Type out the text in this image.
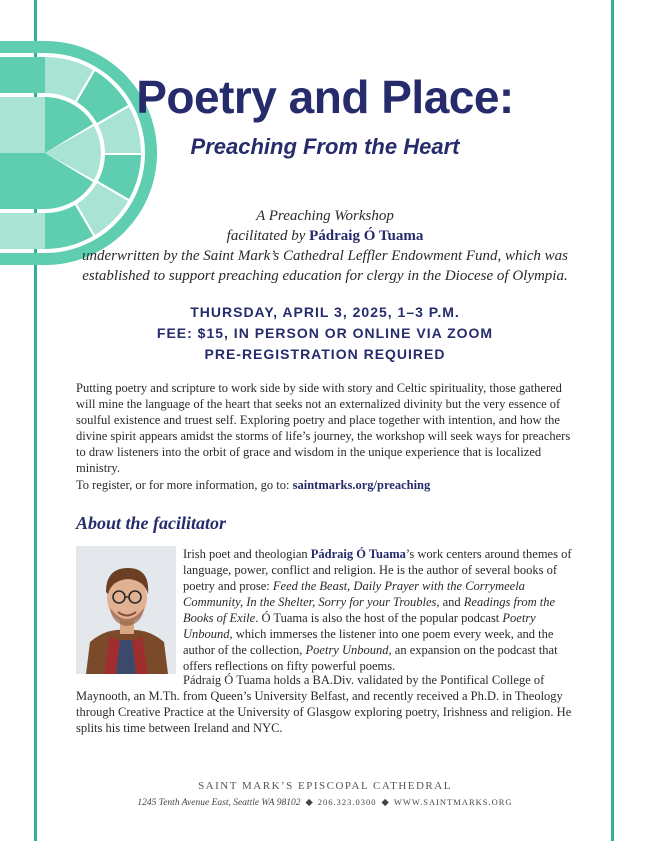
Poetry and Place:
Preaching From the Heart
A Preaching Workshop
facilitated by Pádraig Ó Tuama
underwritten by the Saint Mark’s Cathedral Leffler Endowment Fund, which was established to support preaching education for clergy in the Diocese of Olympia.
THURSDAY, APRIL 3, 2025, 1–3 P.M.
FEE: $15, IN PERSON OR ONLINE VIA ZOOM
PRE-REGISTRATION REQUIRED

Putting poetry and scripture to work side by side with story and Celtic spirituality, those gathered will mine the language of the heart that seeks not an externalized divinity but the very essence of soulful existence and truest self. Exploring poetry and place together with intention, and how the divine spirit appears amidst the storms of life’s journey, the workshop will seek ways for preachers to draw listeners into the orbit of grace and wisdom in the unique experience that is localized ministry.

To register, or for more information, go to: saintmarks.org/preaching

About the facilitator

Irish poet and theologian Pádraig Ó Tuama’s work centers around themes of language, power, conflict and religion. He is the author of several books of poetry and prose: Feed the Beast, Daily Prayer with the Corrymeela Community, In the Shelter, Sorry for your Troubles, and Readings from the Books of Exile. Ó Tuama is also the host of the popular podcast Poetry Unbound, which immerses the listener into one poem every week, and the author of the collection, Poetry Unbound, an expansion on the podcast that offers reflections on fifty powerful poems.

Pádraig Ó Tuama holds a BA.Div. validated by the Pontifical College of

Maynooth, an M.Th. from Queen’s University Belfast, and recently received a Ph.D. in Theology through Creative Practice at the University of Glasgow exploring poetry, Irishness and religion. He splits his time between Ireland and NYC.

SAINT MARK’S EPISCOPAL CATHEDRAL
1245 Tenth Avenue East, Seattle WA 98102 ◆ 206.323.0300 ◆ WWW.SAINTMARKS.ORG
